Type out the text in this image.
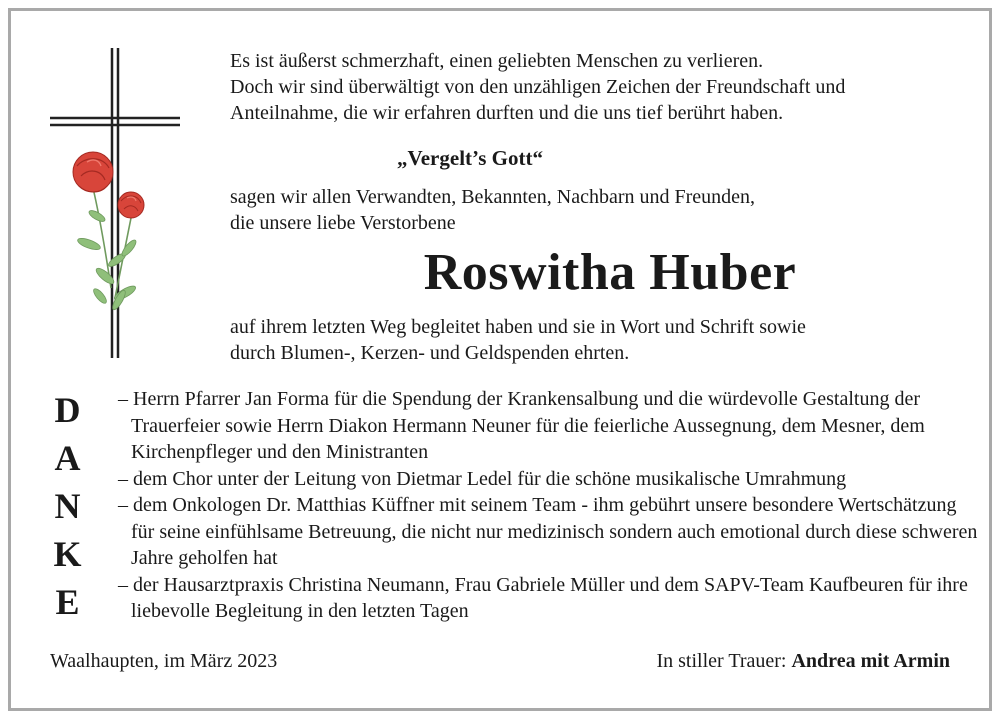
Es ist äußerst schmerzhaft, einen geliebten Menschen zu verlieren.

Doch wir sind überwältigt von den unzähligen Zeichen der Freundschaft und

Anteilnahme, die wir erfahren durften und die uns tief berührt haben.

„Vergelt’s Gott“

sagen wir allen Verwandten, Bekannten, Nachbarn und Freunden,

die unsere liebe Verstorbene

Roswitha Huber

auf ihrem letzten Weg begleitet haben und sie in Wort und Schrift sowie

durch Blumen-, Kerzen- und Geldspenden ehrten.

D
A
N
K
E
– Herrn Pfarrer Jan Forma für die Spendung der Krankensalbung und die würdevolle Gestaltung der Trauerfeier sowie Herrn Diakon Hermann Neuner für die feierliche Aussegnung, dem Mesner, dem Kirchenpfleger und den Ministranten
– dem Chor unter der Leitung von Dietmar Ledel für die schöne musikalische Umrahmung
– dem Onkologen Dr. Matthias Küffner mit seinem Team - ihm gebührt unsere besondere Wertschätzung für seine einfühlsame Betreuung, die nicht nur medizinisch sondern auch emotional durch diese schweren Jahre geholfen hat
– der Hausarztpraxis Christina Neumann, Frau Gabriele Müller und dem SAPV-Team Kaufbeuren für ihre liebevolle Begleitung in den letzten Tagen
Waalhaupten, im März 2023	In stiller Trauer: Andrea mit Armin
